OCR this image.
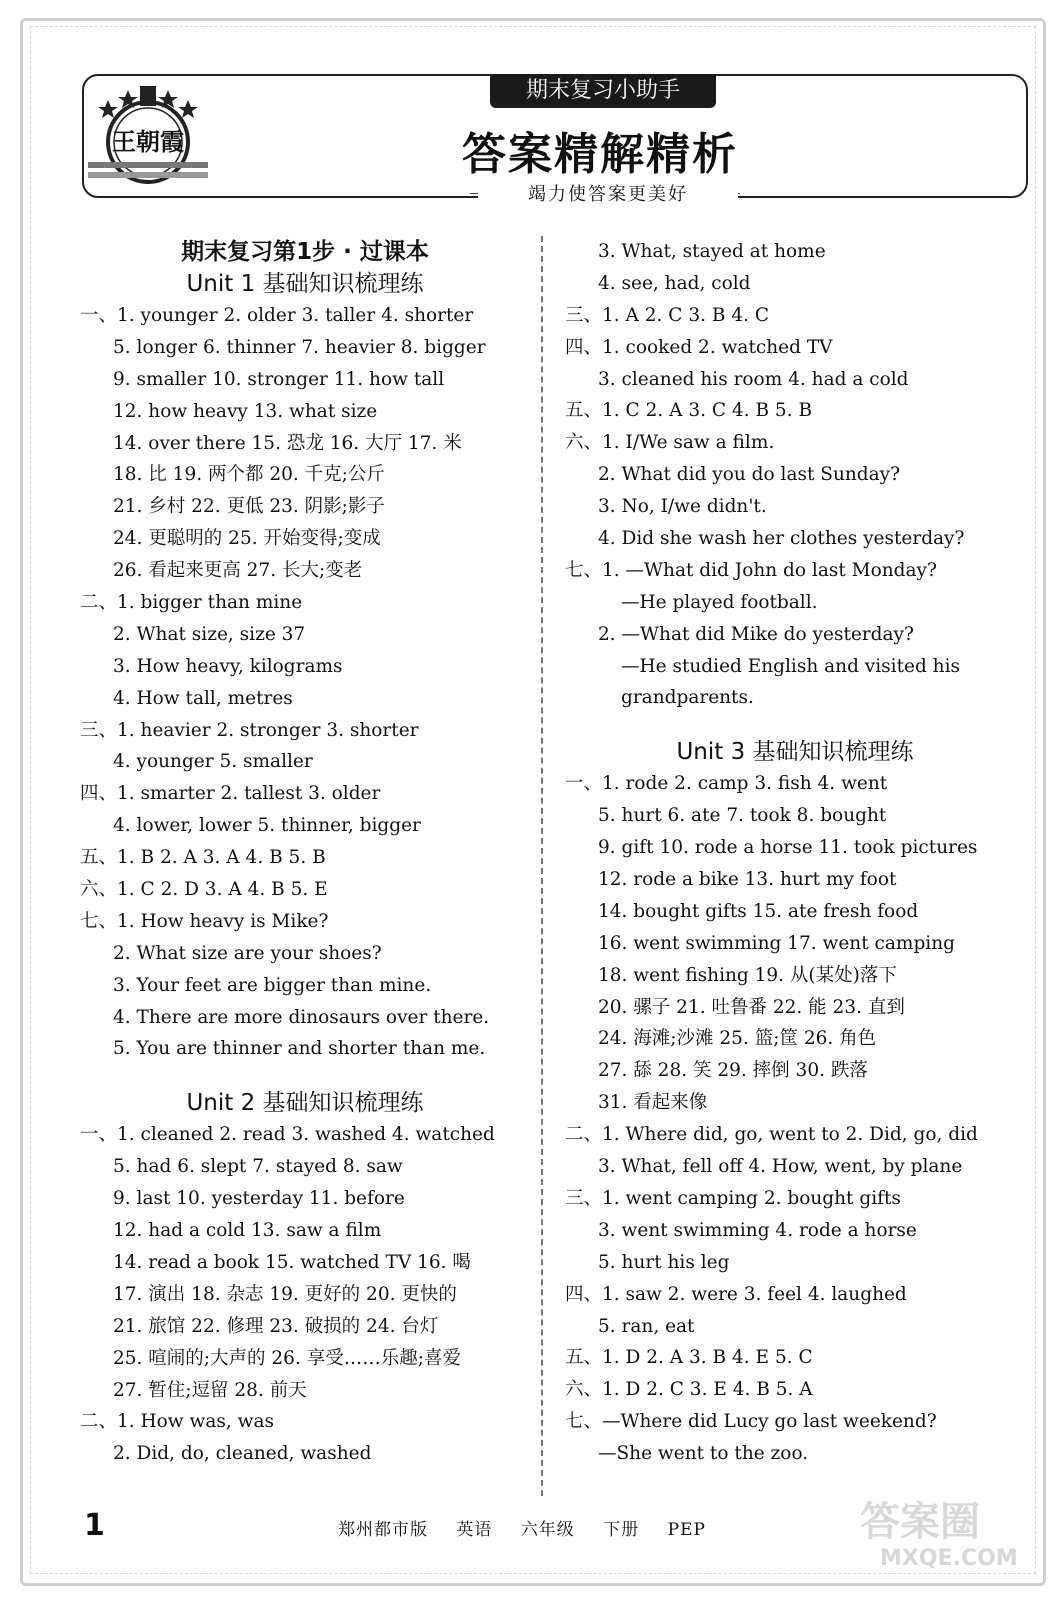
王朝霞
期末复习小助手
答案精解精析
竭力使答案更美好
期末复习第1步 · 过课本
Unit 1 基础知识梳理练
一、1. younger 2. older 3. taller 4. shorter
5. longer 6. thinner 7. heavier 8. bigger
9. smaller 10. stronger 11. how tall
12. how heavy 13. what size
14. over there 15. 恐龙 16. 大厅 17. 米
18. 比 19. 两个都 20. 千克;公斤
21. 乡村 22. 更低 23. 阴影;影子
24. 更聪明的 25. 开始变得;变成
26. 看起来更高 27. 长大;变老
二、1. bigger than mine
2. What size, size 37
3. How heavy, kilograms
4. How tall, metres
三、1. heavier 2. stronger 3. shorter
4. younger 5. smaller
四、1. smarter 2. tallest 3. older
4. lower, lower 5. thinner, bigger
五、1. B 2. A 3. A 4. B 5. B
六、1. C 2. D 3. A 4. B 5. E
七、1. How heavy is Mike?
2. What size are your shoes?
3. Your feet are bigger than mine.
4. There are more dinosaurs over there.
5. You are thinner and shorter than me.
Unit 2 基础知识梳理练
一、1. cleaned 2. read 3. washed 4. watched
5. had 6. slept 7. stayed 8. saw
9. last 10. yesterday 11. before
12. had a cold 13. saw a film
14. read a book 15. watched TV 16. 喝
17. 演出 18. 杂志 19. 更好的 20. 更快的
21. 旅馆 22. 修理 23. 破损的 24. 台灯
25. 喧闹的;大声的 26. 享受……乐趣;喜爱
27. 暂住;逗留 28. 前天
二、1. How was, was
2. Did, do, cleaned, washed
3. What, stayed at home
4. see, had, cold
三、1. A 2. C 3. B 4. C
四、1. cooked 2. watched TV
3. cleaned his room 4. had a cold
五、1. C 2. A 3. C 4. B 5. B
六、1. I/We saw a film.
2. What did you do last Sunday?
3. No, I/we didn't.
4. Did she wash her clothes yesterday?
七、1. —What did John do last Monday?
—He played football.
2. —What did Mike do yesterday?
—He studied English and visited his
grandparents.
Unit 3 基础知识梳理练
一、1. rode 2. camp 3. fish 4. went
5. hurt 6. ate 7. took 8. bought
9. gift 10. rode a horse 11. took pictures
12. rode a bike 13. hurt my foot
14. bought gifts 15. ate fresh food
16. went swimming 17. went camping
18. went fishing 19. 从(某处)落下
20. 骡子 21. 吐鲁番 22. 能 23. 直到
24. 海滩;沙滩 25. 篮;筐 26. 角色
27. 舔 28. 笑 29. 摔倒 30. 跌落
31. 看起来像
二、1. Where did, go, went to 2. Did, go, did
3. What, fell off 4. How, went, by plane
三、1. went camping 2. bought gifts
3. went swimming 4. rode a horse
5. hurt his leg
四、1. saw 2. were 3. feel 4. laughed
5. ran, eat
五、1. D 2. A 3. B 4. E 5. C
六、1. D 2. C 3. E 4. B 5. A
七、—Where did Lucy go last weekend?
—She went to the zoo.
1	郑州都市版 英语 六年级 下册 PEP	答案圈
MXQE.COM
